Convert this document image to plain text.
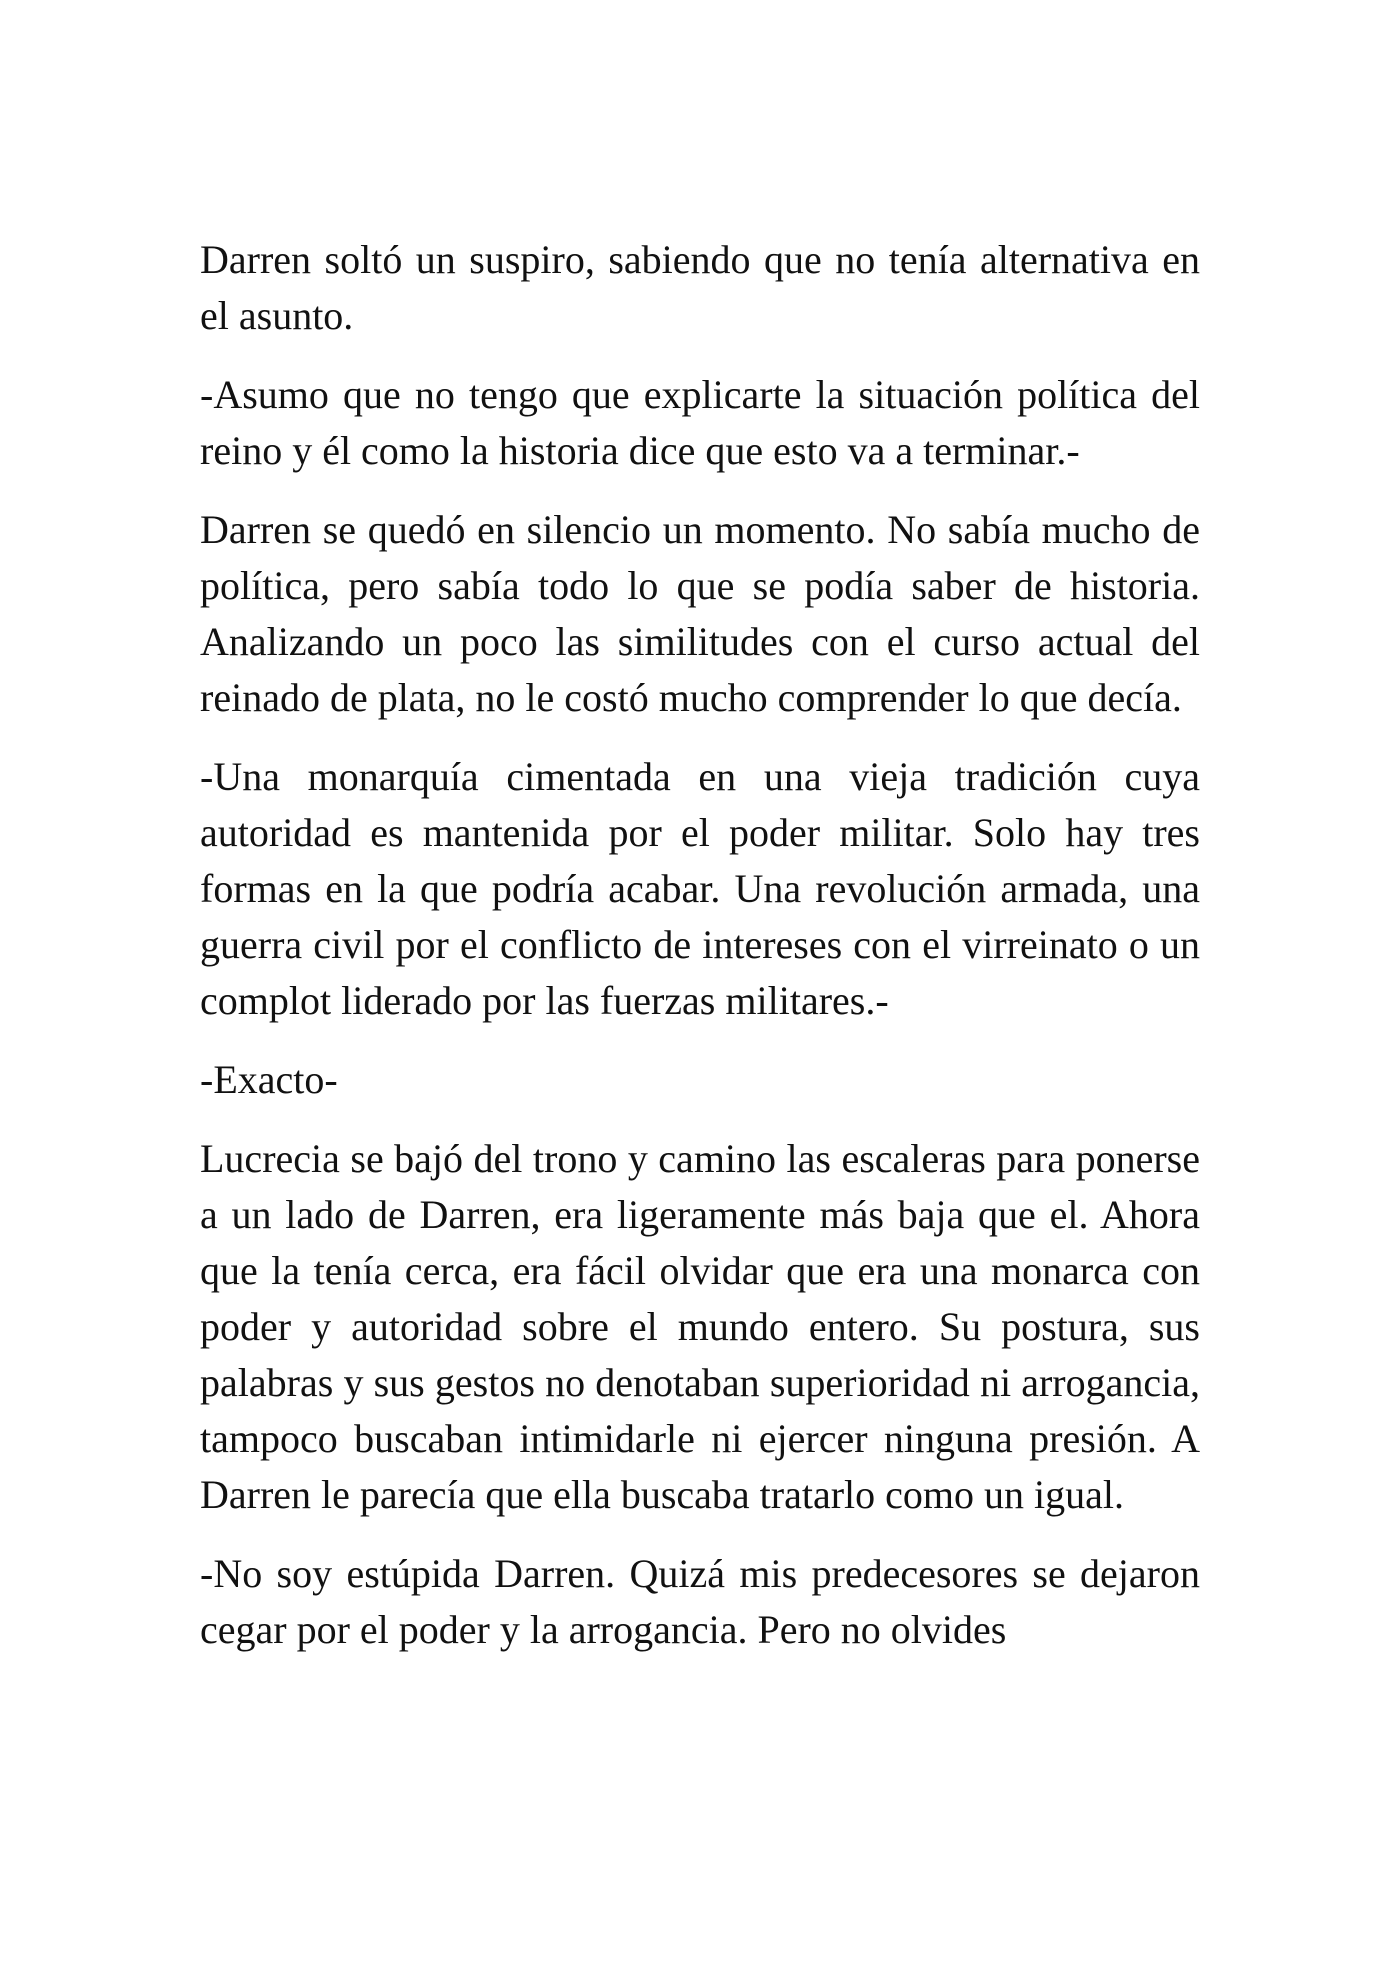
Darren soltó un suspiro, sabiendo que no tenía alternativa en el asunto.

-Asumo que no tengo que explicarte la situación política del reino y él como la historia dice que esto va a terminar.-

Darren se quedó en silencio un momento. No sabía mucho de política, pero sabía todo lo que se podía saber de historia. Analizando un poco las similitudes con el curso actual del reinado de plata, no le costó mucho comprender lo que decía.

-Una monarquía cimentada en una vieja tradición cuya autoridad es mantenida por el poder militar. Solo hay tres formas en la que podría acabar. Una revolución armada, una guerra civil por el conflicto de intereses con el virreinato o un complot liderado por las fuerzas militares.-

-Exacto-

Lucrecia se bajó del trono y camino las escaleras para ponerse a un lado de Darren, era ligeramente más baja que el. Ahora que la tenía cerca, era fácil olvidar que era una monarca con poder y autoridad sobre el mundo entero. Su postura, sus palabras y sus gestos no denotaban superioridad ni arrogancia, tampoco buscaban intimidarle ni ejercer ninguna presión. A Darren le parecía que ella buscaba tratarlo como un igual.

-No soy estúpida Darren. Quizá mis predecesores se dejaron cegar por el poder y la arrogancia. Pero no olvides
